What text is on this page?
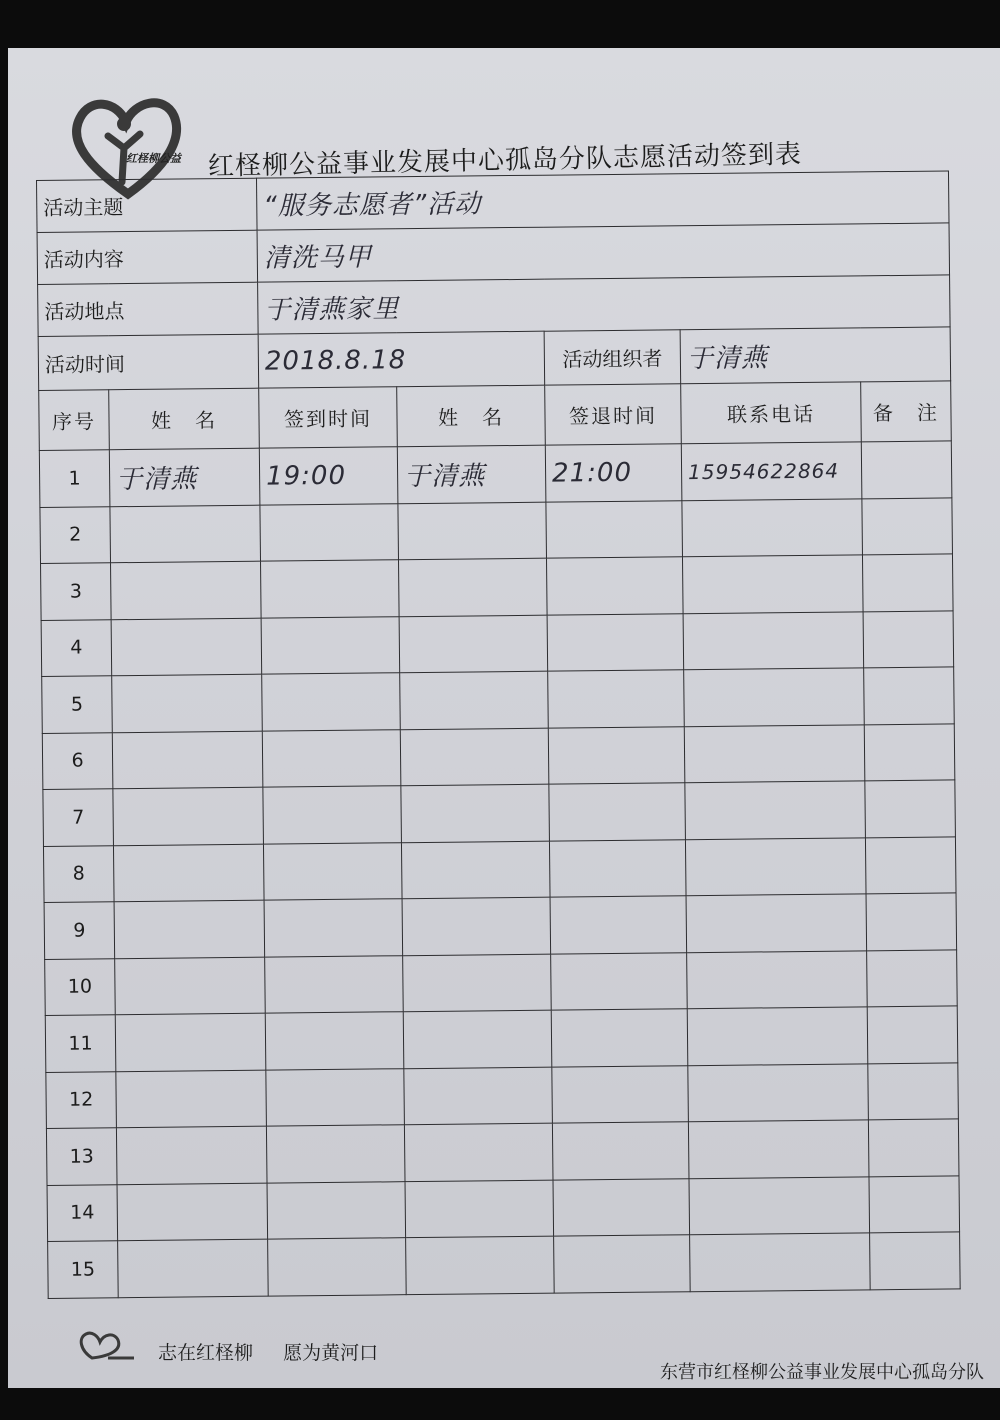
红柽柳公益 红柽柳公益事业发展中心孤岛分队志愿活动签到表
活动主题		“服务志愿者”活动				
活动内容		清洗马甲				
活动地点		于清燕家里				
活动时间		2018.8.18		活动组织者	于清燕	
序号	姓　名	签到时间	姓　名	签退时间	联系电话	备　注
1	于清燕	19:00	于清燕	21:00	15954622864	
2						
3						
4						
5						
6						
7						
8						
9						
10						
11						
12						
13						
14						
15						
志在红柽柳 愿为黄河口
东营市红柽柳公益事业发展中心孤岛分队
